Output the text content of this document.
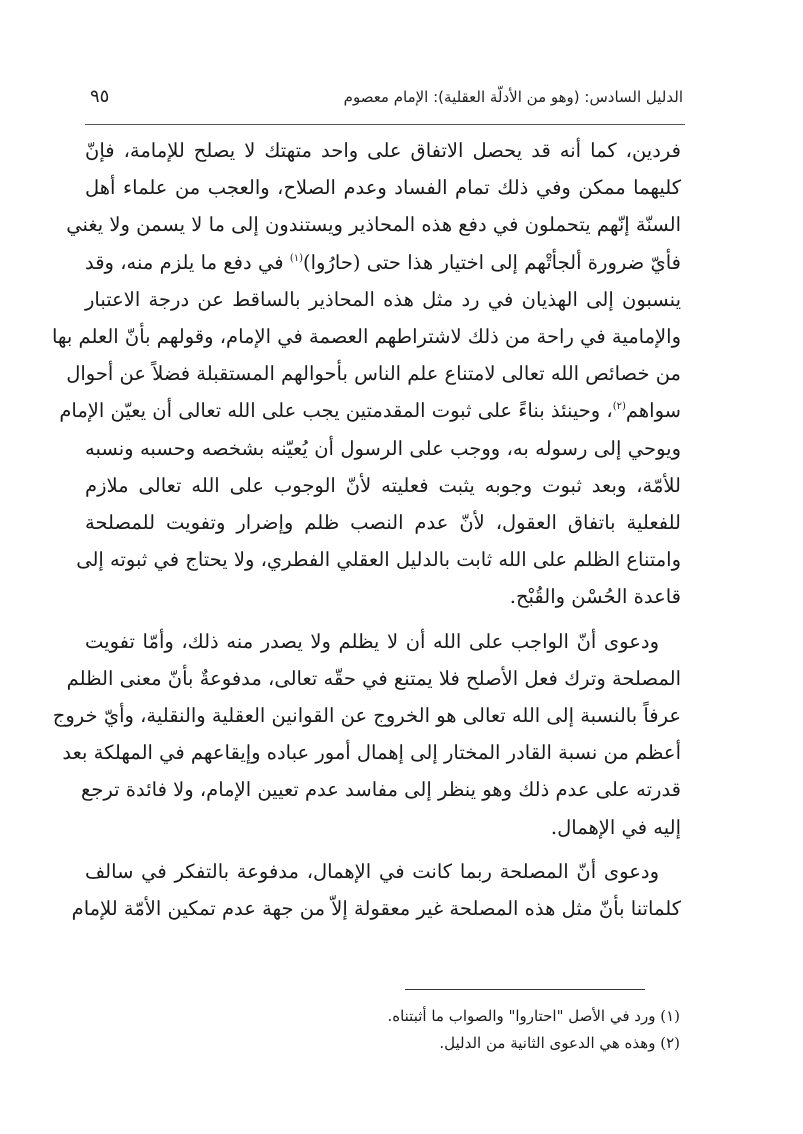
الدليل السادس: (وهو من الأدلّة العقلية): الإمام معصوم
٩٥
فردين، كما أنه قد يحصل الاتفاق على واحد متهتك لا يصلح للإمامة، فإنّ
كليهما ممكن وفي ذلك تمام الفساد وعدم الصلاح، والعجب من علماء أهل
السنّة إنّهم يتحملون في دفع هذه المحاذير ويستندون إلى ما لا يسمن ولا يغني
فأيّ ضرورة ألجأتْهم إلى اختيار هذا حتى (حارُوا)$^{(١)}$ في دفع ما يلزم منه، وقد
ينسبون إلى الهذيان في رد مثل هذه المحاذير بالساقط عن درجة الاعتبار
والإمامية في راحة من ذلك لاشتراطهم العصمة في الإمام، وقولهم بأنّ العلم بها
من خصائص الله تعالى لامتناع علم الناس بأحوالهم المستقبلة فضلاً عن أحوال
سواهم$^{(٢)}$، وحينئذ بناءً على ثبوت المقدمتين يجب على الله تعالى أن يعيّن الإمام
ويوحي إلى رسوله به، ووجب على الرسول أن يُعيّنه بشخصه وحسبه ونسبه
للأمّة، وبعد ثبوت وجوبه يثبت فعليته لأنّ الوجوب على الله تعالى ملازم
للفعلية باتفاق العقول، لأنّ عدم النصب ظلم وإضرار وتفويت للمصلحة
وامتناع الظلم على الله ثابت بالدليل العقلي الفطري، ولا يحتاج في ثبوته إلى
قاعدة الحُسْن والقُبْح.
ودعوى أنّ الواجب على الله أن لا يظلم ولا يصدر منه ذلك، وأمّا تفويت
المصلحة وترك فعل الأصلح فلا يمتنع في حقّه تعالى، مدفوعةٌ بأنّ معنى الظلم
عرفاً بالنسبة إلى الله تعالى هو الخروج عن القوانين العقلية والنقلية، وأيّ خروج
أعظم من نسبة القادر المختار إلى إهمال أمور عباده وإيقاعهم في المهلكة بعد
قدرته على عدم ذلك وهو ينظر إلى مفاسد عدم تعيين الإمام، ولا فائدة ترجع
إليه في الإهمال.
ودعوى أنّ المصلحة ربما كانت في الإهمال، مدفوعة بالتفكر في سالف
كلماتنا بأنّ مثل هذه المصلحة غير معقولة إلاّ من جهة عدم تمكين الأمّة للإمام
(١) ورد في الأصل "احتاروا" والصواب ما أثبتناه.
(٢) وهذه هي الدعوى الثانية من الدليل.
